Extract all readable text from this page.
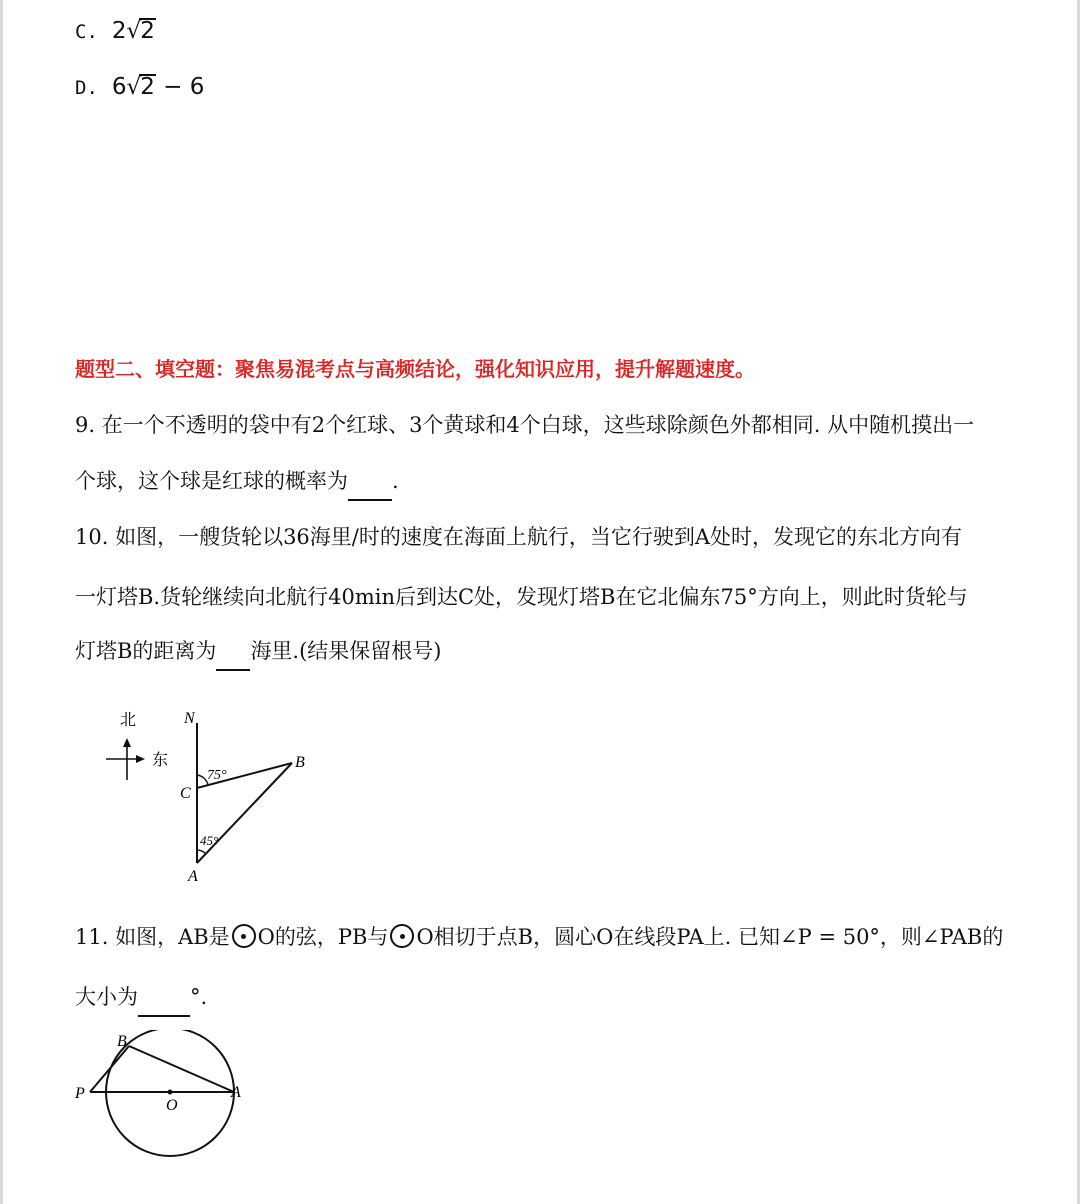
C. 2√2
D. 6√2 − 6
题型二、填空题：聚焦易混考点与高频结论，强化知识应用，提升解题速度。
9. 在一个不透明的袋中有2个红球、3个黄球和4个白球，这些球除颜色外都相同. 从中随机摸出一
个球，这个球是红球的概率为 .
10. 如图，一艘货轮以36海里/时的速度在海面上航行，当它行驶到A处时，发现它的东北方向有
一灯塔B.货轮继续向北航行40min后到达C处，发现灯塔B在它北偏东75°方向上，则此时货轮与
灯塔B的距离为 海里.(结果保留根号)
北
东
N
B
C
A
75°
45°
11. 如图，AB是 O的弦，PB与 O相切于点B，圆心O在线段PA上. 已知∠P = 50°，则∠PAB的
大小为 °.
B
P
O
A
